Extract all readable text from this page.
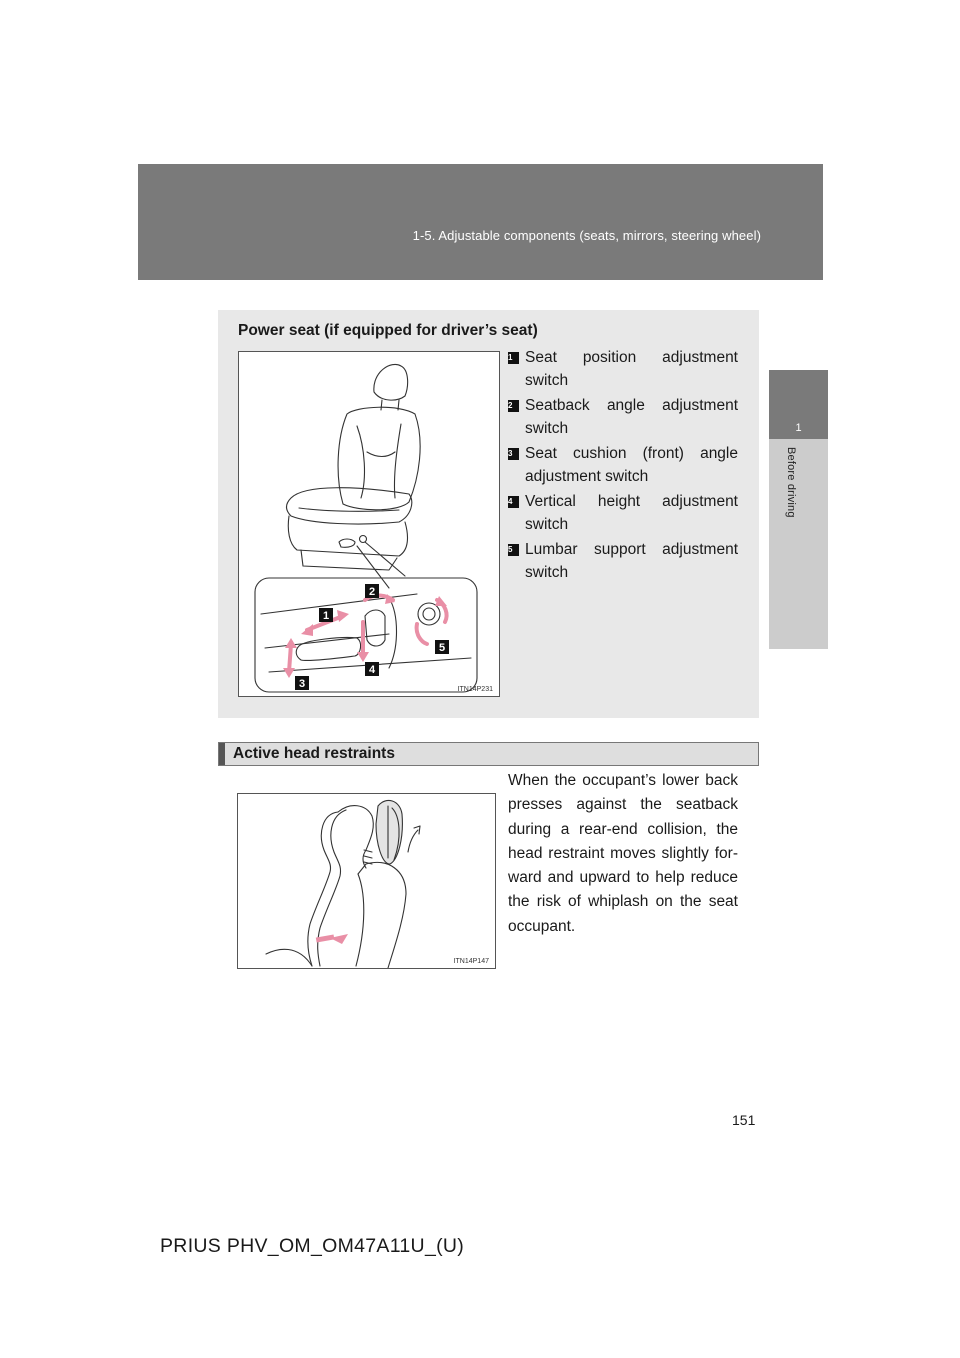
1-5. Adjustable components (seats, mirrors, steering wheel)
1
Before driving
Power seat (if equipped for driver’s seat)
1
2
3
4
5
ITN14P231
1 Seat position adjustment switch
2 Seatback angle adjustment switch
3 Seat cushion (front) angle adjustment switch
4 Vertical height adjustment switch
5 Lumbar support adjustment switch
Active head restraints
ITN14P147
When the occupant’s lower back presses against the seatback during a rear-end collision, the head restraint moves slightly for- ward and upward to help reduce the risk of whiplash on the seat occupant.
151
PRIUS PHV_OM_OM47A11U_(U)
